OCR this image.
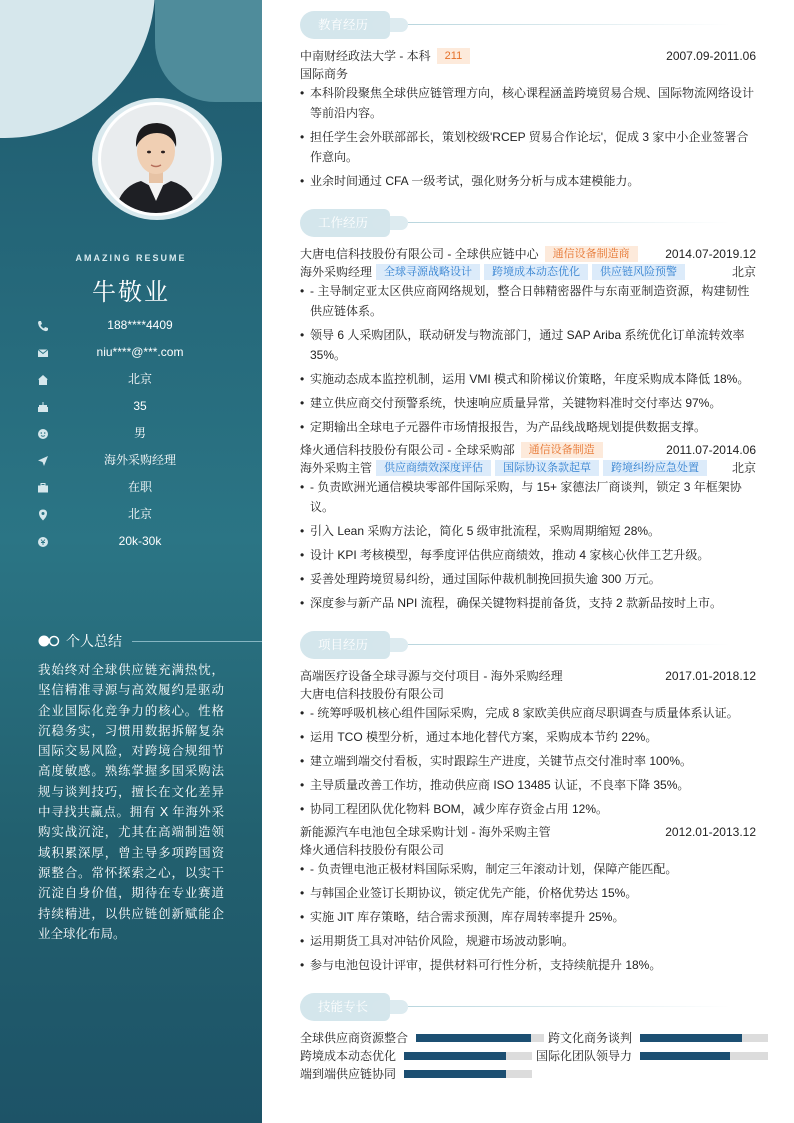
AMAZING RESUME
牛敬业
188****4409
niu****@***.com
北京
35
男
海外采购经理
在职
北京
20k-30k
个人总结
我始终对全球供应链充满热忱，坚信精准寻源与高效履约是驱动企业国际化竞争力的核心。性格沉稳务实，习惯用数据拆解复杂国际交易风险，对跨境合规细节高度敏感。熟练掌握多国采购法规与谈判技巧，擅长在文化差异中寻找共赢点。拥有 X 年海外采购实战沉淀，尤其在高端制造领域积累深厚，曾主导多项跨国资源整合。常怀探索之心，以实干沉淀自身价值，期待在专业赛道持续精进，以供应链创新赋能企业全球化布局。
教育经历
中南财经政法大学 - 本科 211	2007.09-2011.06
国际商务
• 本科阶段聚焦全球供应链管理方向，核心课程涵盖跨境贸易合规、国际物流网络设计等前沿内容。
• 担任学生会外联部部长，策划校级'RCEP 贸易合作论坛'，促成 3 家中小企业签署合作意向。
• 业余时间通过 CFA 一级考试，强化财务分析与成本建模能力。
工作经历
大唐电信科技股份有限公司 - 全球供应链中心 通信设备制造商	2014.07-2019.12
海外采购经理 全球寻源战略设计 跨境成本动态优化 供应链风险预警	北京
• - 主导制定亚太区供应商网络规划，整合日韩精密器件与东南亚制造资源，构建韧性供应链体系。
• 领导 6 人采购团队，联动研发与物流部门，通过 SAP Ariba 系统优化订单流转效率 35%。
• 实施动态成本监控机制，运用 VMI 模式和阶梯议价策略，年度采购成本降低 18%。
• 建立供应商交付预警系统，快速响应质量异常，关键物料准时交付率达 97%。
• 定期输出全球电子元器件市场情报报告，为产品线战略规划提供数据支撑。
烽火通信科技股份有限公司 - 全球采购部 通信设备制造	2011.07-2014.06
海外采购主管 供应商绩效深度评估 国际协议条款起草 跨境纠纷应急处置	北京
• - 负责欧洲光通信模块零部件国际采购，与 15+ 家德法厂商谈判，锁定 3 年框架协议。
• 引入 Lean 采购方法论，简化 5 级审批流程，采购周期缩短 28%。
• 设计 KPI 考核模型，每季度评估供应商绩效，推动 4 家核心伙伴工艺升级。
• 妥善处理跨境贸易纠纷，通过国际仲裁机制挽回损失逾 300 万元。
• 深度参与新产品 NPI 流程，确保关键物料提前备货，支持 2 款新品按时上市。
项目经历
高端医疗设备全球寻源与交付项目 - 海外采购经理	2017.01-2018.12
大唐电信科技股份有限公司
• - 统筹呼吸机核心组件国际采购，完成 8 家欧美供应商尽职调查与质量体系认证。
• 运用 TCO 模型分析，通过本地化替代方案，采购成本节约 22%。
• 建立端到端交付看板，实时跟踪生产进度，关键节点交付准时率 100%。
• 主导质量改善工作坊，推动供应商 ISO 13485 认证，不良率下降 35%。
• 协同工程团队优化物料 BOM，减少库存资金占用 12%。
新能源汽车电池包全球采购计划 - 海外采购主管	2012.01-2013.12
烽火通信科技股份有限公司
• - 负责锂电池正极材料国际采购，制定三年滚动计划，保障产能匹配。
• 与韩国企业签订长期协议，锁定优先产能，价格优势达 15%。
• 实施 JIT 库存策略，结合需求预测，库存周转率提升 25%。
• 运用期货工具对冲钴价风险，规避市场波动影响。
• 参与电池包设计评审，提供材料可行性分析，支持续航提升 18%。
技能专长
全球供应商资源整合	跨文化商务谈判
跨境成本动态优化	国际化团队领导力
端到端供应链协同
